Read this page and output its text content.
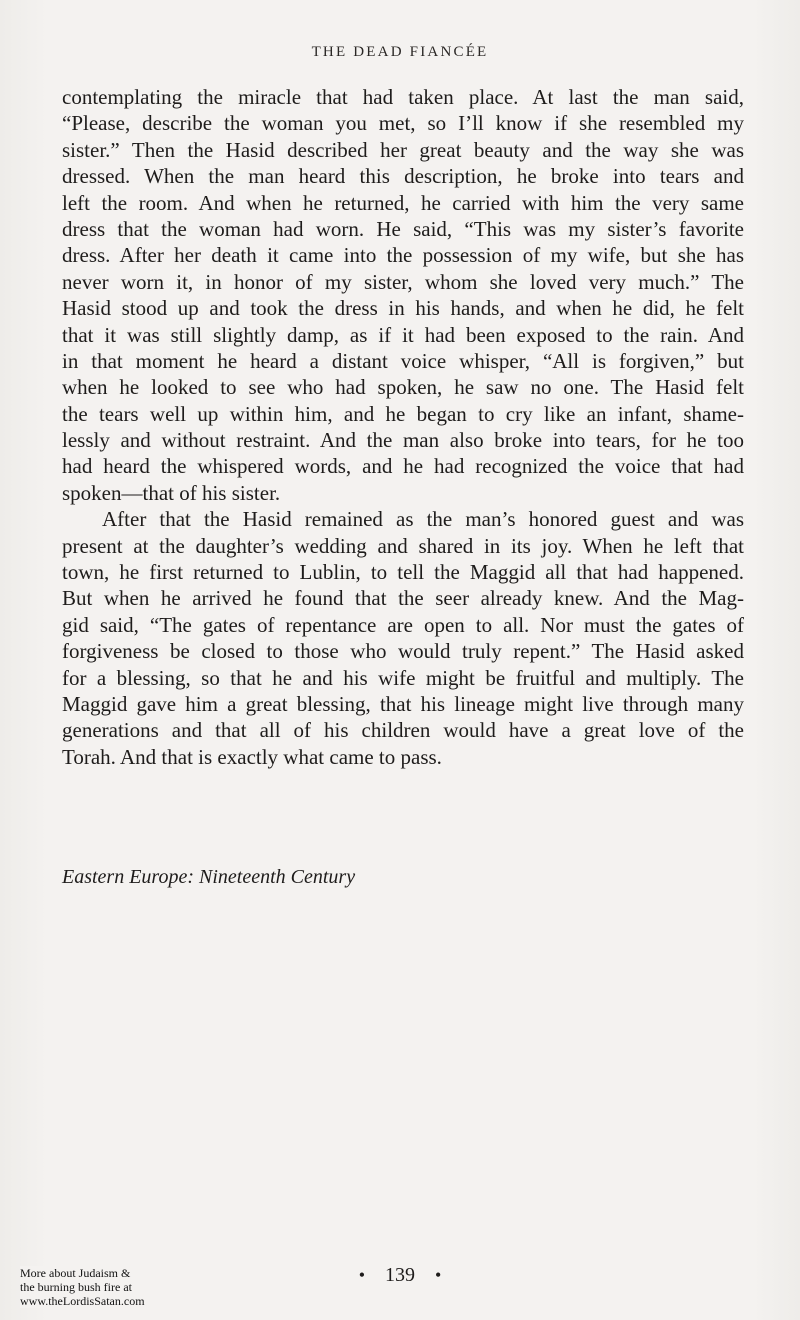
THE DEAD FIANCÉE
contemplating the miracle that had taken place. At last the man said,
“Please, describe the woman you met, so I’ll know if she resembled my
sister.” Then the Hasid described her great beauty and the way she was
dressed. When the man heard this description, he broke into tears and
left the room. And when he returned, he carried with him the very same
dress that the woman had worn. He said, “This was my sister’s favorite
dress. After her death it came into the possession of my wife, but she has
never worn it, in honor of my sister, whom she loved very much.” The
Hasid stood up and took the dress in his hands, and when he did, he felt
that it was still slightly damp, as if it had been exposed to the rain. And
in that moment he heard a distant voice whisper, “All is forgiven,” but
when he looked to see who had spoken, he saw no one. The Hasid felt
the tears well up within him, and he began to cry like an infant, shame-
lessly and without restraint. And the man also broke into tears, for he too
had heard the whispered words, and he had recognized the voice that had
spoken—that of his sister.
After that the Hasid remained as the man’s honored guest and was
present at the daughter’s wedding and shared in its joy. When he left that
town, he first returned to Lublin, to tell the Maggid all that had happened.
But when he arrived he found that the seer already knew. And the Mag-
gid said, “The gates of repentance are open to all. Nor must the gates of
forgiveness be closed to those who would truly repent.” The Hasid asked
for a blessing, so that he and his wife might be fruitful and multiply. The
Maggid gave him a great blessing, that his lineage might live through many
generations and that all of his children would have a great love of the
Torah. And that is exactly what came to pass.
Eastern Europe: Nineteenth Century
• 139 •
More about Judaism &
the burning bush fire at
www.theLordisSatan.com
